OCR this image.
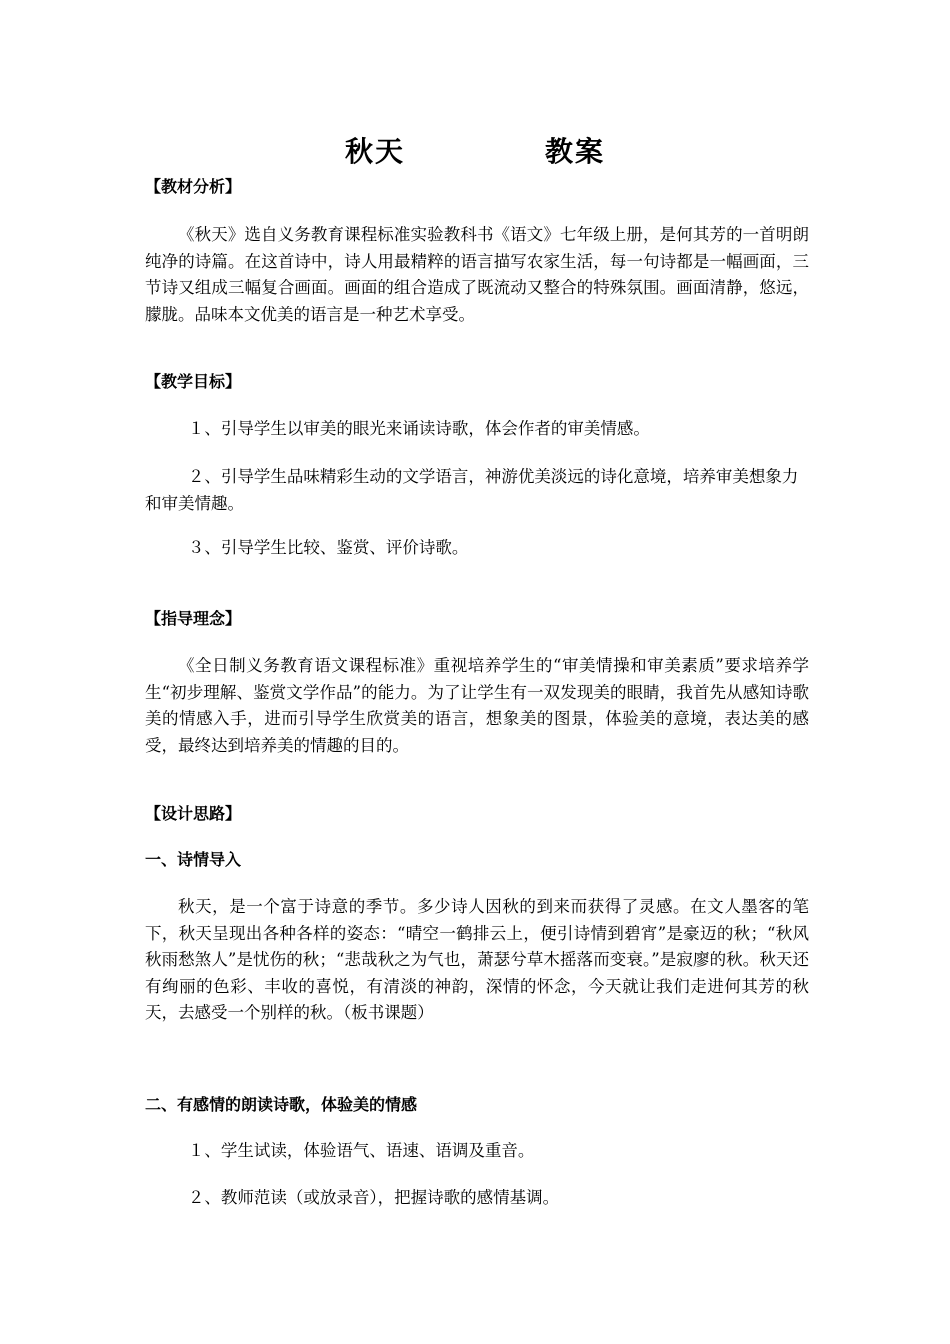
秋天	教案
【教材分析】
《秋天》选自义务教育课程标准实验教科书《语文》七年级上册，是何其芳的一首明朗纯净的诗篇。在这首诗中，诗人用最精粹的语言描写农家生活，每一句诗都是一幅画面，三节诗又组成三幅复合画面。画面的组合造成了既流动又整合的特殊氛围。画面清静，悠远，朦胧。品味本文优美的语言是一种艺术享受。
【教学目标】
１、引导学生以审美的眼光来诵读诗歌，体会作者的审美情感。
２、引导学生品味精彩生动的文学语言，神游优美淡远的诗化意境，培养审美想象力和审美情趣。
３、引导学生比较、鉴赏、评价诗歌。
【指导理念】
《全日制义务教育语文课程标准》重视培养学生的“审美情操和审美素质”要求培养学生“初步理解、鉴赏文学作品”的能力。为了让学生有一双发现美的眼睛，我首先从感知诗歌美的情感入手，进而引导学生欣赏美的语言，想象美的图景，体验美的意境，表达美的感受，最终达到培养美的情趣的目的。
【设计思路】
一、诗情导入
秋天，是一个富于诗意的季节。多少诗人因秋的到来而获得了灵感。在文人墨客的笔下，秋天呈现出各种各样的姿态：“晴空一鹤排云上，便引诗情到碧宵”是豪迈的秋；“秋风秋雨愁煞人”是忧伤的秋；“悲哉秋之为气也，萧瑟兮草木摇落而变衰。”是寂廖的秋。秋天还有绚丽的色彩、丰收的喜悦，有清淡的神韵，深情的怀念，今天就让我们走进何其芳的秋天，去感受一个别样的秋。（板书课题）
二、有感情的朗读诗歌，体验美的情感
１、学生试读，体验语气、语速、语调及重音。
２、教师范读（或放录音），把握诗歌的感情基调。
